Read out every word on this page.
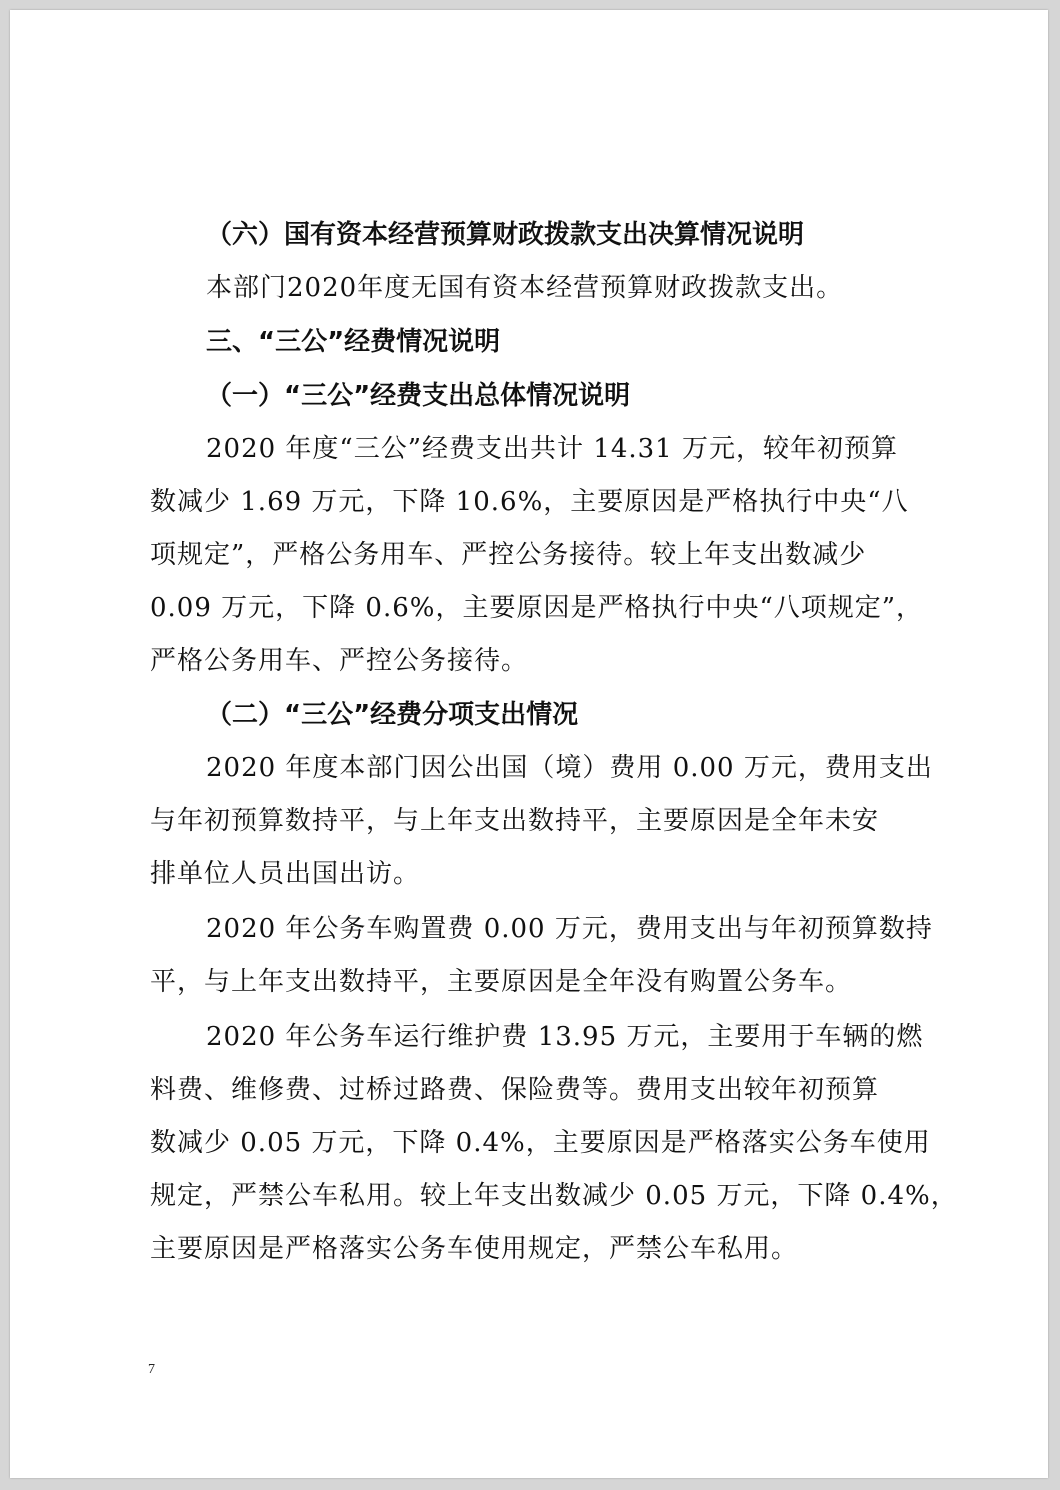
（六）国有资本经营预算财政拨款支出决算情况说明

本部门2020年度无国有资本经营预算财政拨款支出。

三、“三公”经费情况说明

（一）“三公”经费支出总体情况说明

2020 年度“三公”经费支出共计 14.31 万元，较年初预算
数减少 1.69 万元，下降 10.6%，主要原因是严格执行中央“八
项规定”，严格公务用车、严控公务接待。较上年支出数减少
0.09 万元，下降 0.6%，主要原因是严格执行中央“八项规定”，
严格公务用车、严控公务接待。

（二）“三公”经费分项支出情况

2020 年度本部门因公出国（境）费用 0.00 万元，费用支出
与年初预算数持平，与上年支出数持平，主要原因是全年未安
排单位人员出国出访。

2020 年公务车购置费 0.00 万元，费用支出与年初预算数持
平，与上年支出数持平，主要原因是全年没有购置公务车。

2020 年公务车运行维护费 13.95 万元，主要用于车辆的燃
料费、维修费、过桥过路费、保险费等。费用支出较年初预算
数减少 0.05 万元，下降 0.4%，主要原因是严格落实公务车使用
规定，严禁公车私用。较上年支出数减少 0.05 万元，下降 0.4%，
主要原因是严格落实公务车使用规定，严禁公车私用。

7
